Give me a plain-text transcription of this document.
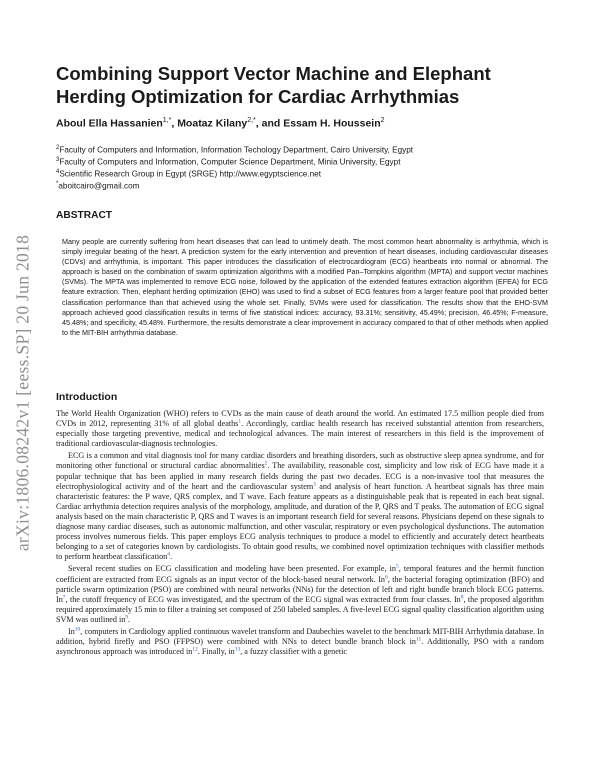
arXiv:1806.08242v1 [eess.SP] 20 Jun 2018
Combining Support Vector Machine and Elephant Herding Optimization for Cardiac Arrhythmias
Aboul Ella Hassanien$^{1,*}$, Moataz Kilany$^{2,*}$, and Essam H. Houssein$^2$
$^2$Faculty of Computers and Information, Information Techology Department, Cairo University, Egypt
$^3$Faculty of Computers and Information, Computer Science Department, Minia University, Egypt
$^4$Scientific Research Group in Egypt (SRGE) http://www.egyptscience.net
*aboitcairo@gmail.com
ABSTRACT

Many people are currently suffering from heart diseases that can lead to untimely death. The most common heart abnormality is arrhythmia, which is simply irregular beating of the heart. A prediction system for the early intervention and prevention of heart diseases, including cardiovascular diseases (CDVs) and arrhythmia, is important. This paper introduces the classification of electrocardiogram (ECG) heartbeats into normal or abnormal. The approach is based on the combination of swarm optimization algorithms with a modified Pan–Tompkins algorithm (MPTA) and support vector machines (SVMs). The MPTA was implemented to remove ECG noise, followed by the application of the extended features extraction algorithm (EFEA) for ECG feature extraction. Then, elephant herding optimization (EHO) was used to find a subset of ECG features from a larger feature pool that provided better classification performance than that achieved using the whole set. Finally, SVMs were used for classification. The results show that the EHO-SVM approach achieved good classification results in terms of five statistical indices: accuracy, 93.31%; sensitivity, 45.49%; precision, 46.45%; F-measure, 45.48%; and specificity, 45.48%. Furthermore, the results demonstrate a clear improvement in accuracy compared to that of other methods when applied to the MIT-BIH arrhythmia database.

Introduction

The World Health Organization (WHO) refers to CVDs as the main cause of death around the world. An estimated 17.5 million people died from CVDs in 2012, representing 31% of all global deaths$^1$. Accordingly, cardiac health research has received substantial attention from researchers, especially those targeting preventive, medical and technological advances. The main interest of researchers in this field is the improvement of traditional cardiovascular-diagnosis technologies.

ECG is a common and vital diagnosis tool for many cardiac disorders and breathing disorders, such as obstructive sleep apnea syndrome, and for monitoring other functional or structural cardiac abnormalities$^2$. The availability, reasonable cost, simplicity and low risk of ECG have made it a popular technique that has been applied in many research fields during the past two decades. ECG is a non-invasive tool that measures the electrophysiological activity and of the heart and the cardiovascular system$^3$ and analysis of heart function. A heartbeat signals has three main characteristic features: the P wave, QRS complex, and T wave. Each feature appears as a distinguishable peak that is repeated in each beat signal. Cardiac arrhythmia detection requires analysis of the morphology, amplitude, and duration of the P, QRS and T peaks. The automation of ECG signal analysis based on the main characteristic P, QRS and T waves is an important research field for several reasons. Physicians depend on these signals to diagnose many cardiac diseases, such as autonomic malfunction, and other vascular, respiratory or even psychological dysfunctions. The automation process involves numerous fields. This paper employs ECG analysis techniques to produce a model to efficiently and accurately detect heartbeats belonging to a set of categories known by cardiologists. To obtain good results, we combined novel optimization techniques with classifier methods to perform heartbeat classification$^4$.

Several recent studies on ECG classification and modeling have been presented. For example, in$^5$, temporal features and the hermit function coefficient are extracted from ECG signals as an input vector of the block-based neural network. In$^6$, the bacterial foraging optimization (BFO) and particle swarm optimization (PSO) are combined with neural networks (NNs) for the detection of left and right bundle branch block ECG patterns. In$^7$, the cutoff frequency of ECG was investigated, and the spectrum of the ECG signal was extracted from four classes. In$^8$, the proposed algorithm required approximately 15 min to filter a training set composed of 250 labeled samples. A five-level ECG signal quality classification algorithm using SVM was outlined in$^9$.

In$^{10}$, computers in Cardiology applied continuous wavelet transform and Daubechies wavelet to the benchmark MIT-BIH Arrhythmia database. In addition, hybrid firefly and PSO (FFPSO) were combined with NNs to detect bundle branch block in$^{11}$. Additionally, PSO with a random asynchronous approach was introduced in$^{12}$. Finally, in$^{13}$, a fuzzy classifier with a genetic
